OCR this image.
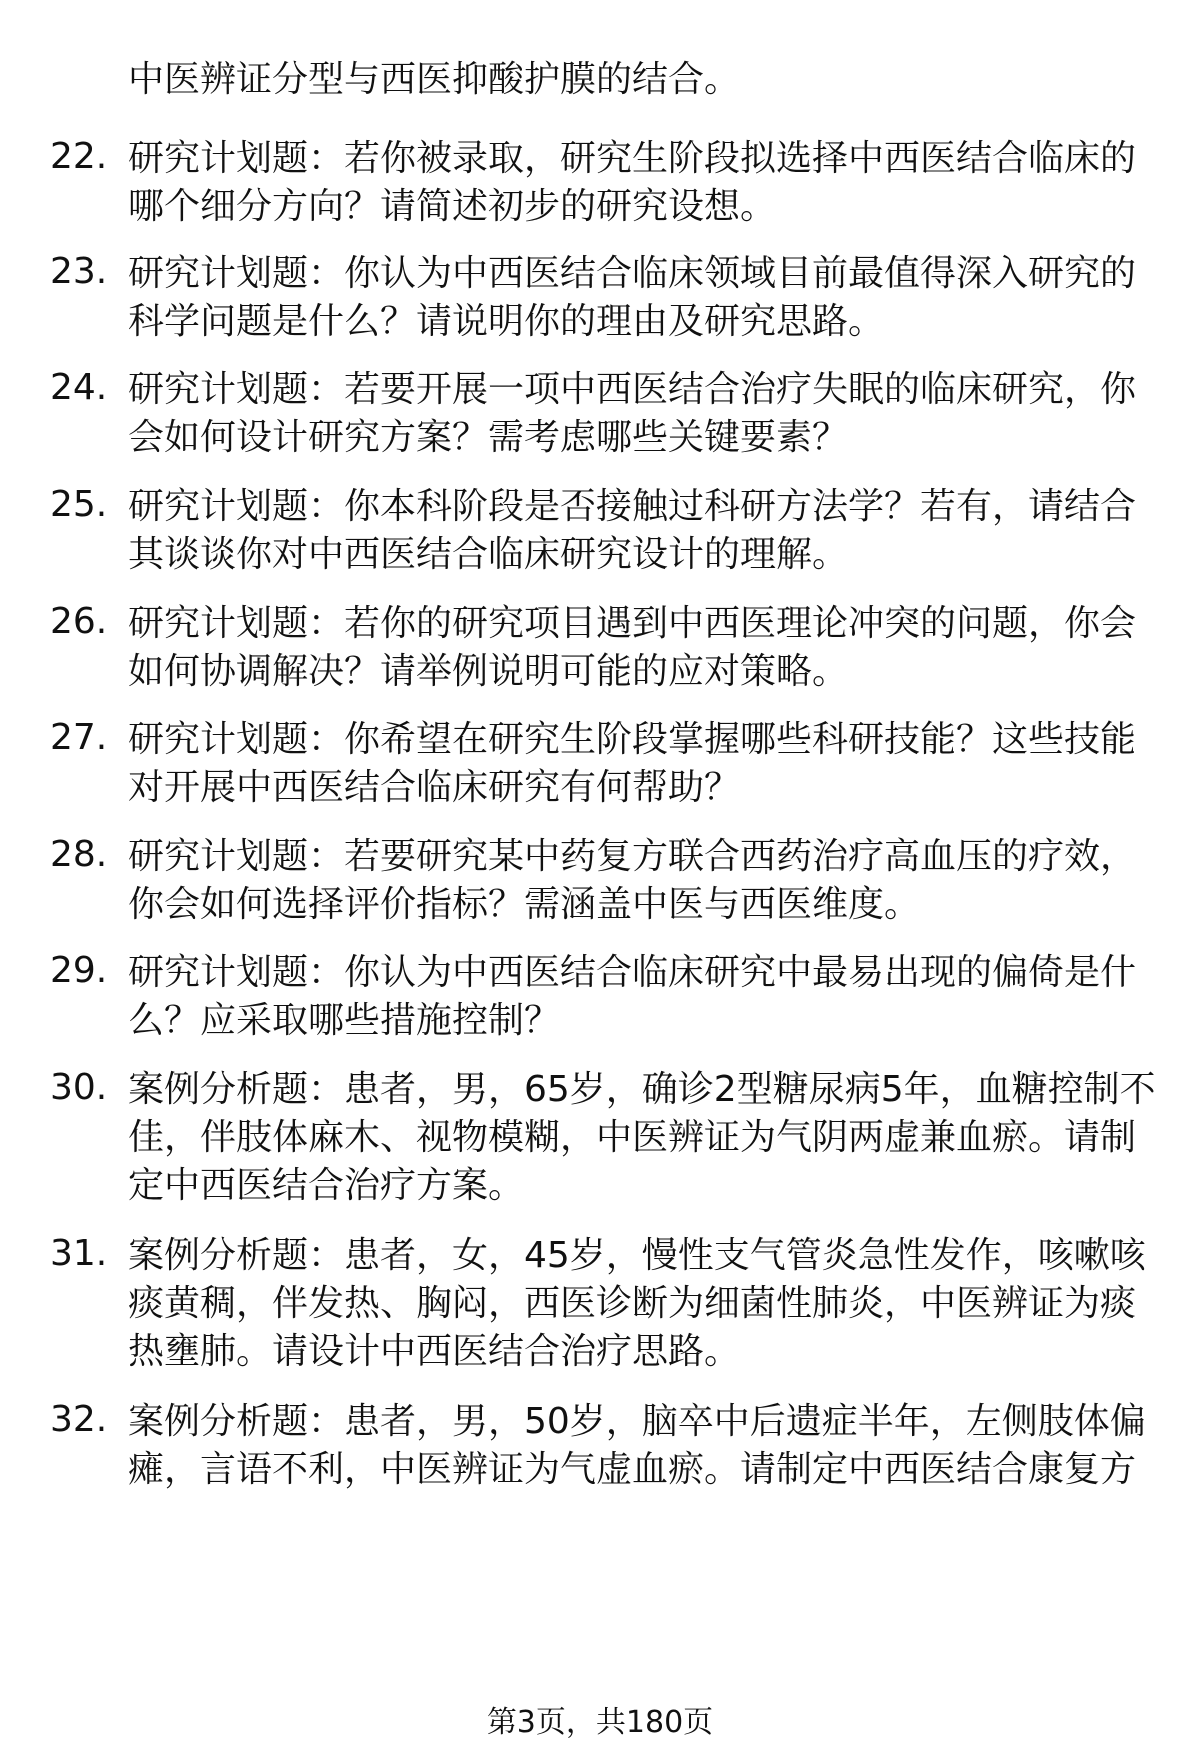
中医辨证分型与西医抑酸护膜的结合。
22. 研究计划题：若你被录取，研究生阶段拟选择中西医结合临床的哪个细分方向？请简述初步的研究设想。
23. 研究计划题：你认为中西医结合临床领域目前最值得深入研究的科学问题是什么？请说明你的理由及研究思路。
24. 研究计划题：若要开展一项中西医结合治疗失眠的临床研究，你会如何设计研究方案？需考虑哪些关键要素？
25. 研究计划题：你本科阶段是否接触过科研方法学？若有，请结合其谈谈你对中西医结合临床研究设计的理解。
26. 研究计划题：若你的研究项目遇到中西医理论冲突的问题，你会如何协调解决？请举例说明可能的应对策略。
27. 研究计划题：你希望在研究生阶段掌握哪些科研技能？这些技能对开展中西医结合临床研究有何帮助？
28. 研究计划题：若要研究某中药复方联合西药治疗高血压的疗效，你会如何选择评价指标？需涵盖中医与西医维度。
29. 研究计划题：你认为中西医结合临床研究中最易出现的偏倚是什么？应采取哪些措施控制？
30. 案例分析题：患者，男，65岁，确诊2型糖尿病5年，血糖控制不佳，伴肢体麻木、视物模糊，中医辨证为气阴两虚兼血瘀。请制定中西医结合治疗方案。
31. 案例分析题：患者，女，45岁，慢性支气管炎急性发作，咳嗽咳痰黄稠，伴发热、胸闷，西医诊断为细菌性肺炎，中医辨证为痰热壅肺。请设计中西医结合治疗思路。
32. 案例分析题：患者，男，50岁，脑卒中后遗症半年，左侧肢体偏瘫，言语不利，中医辨证为气虚血瘀。请制定中西医结合康复方
第3页，共180页
